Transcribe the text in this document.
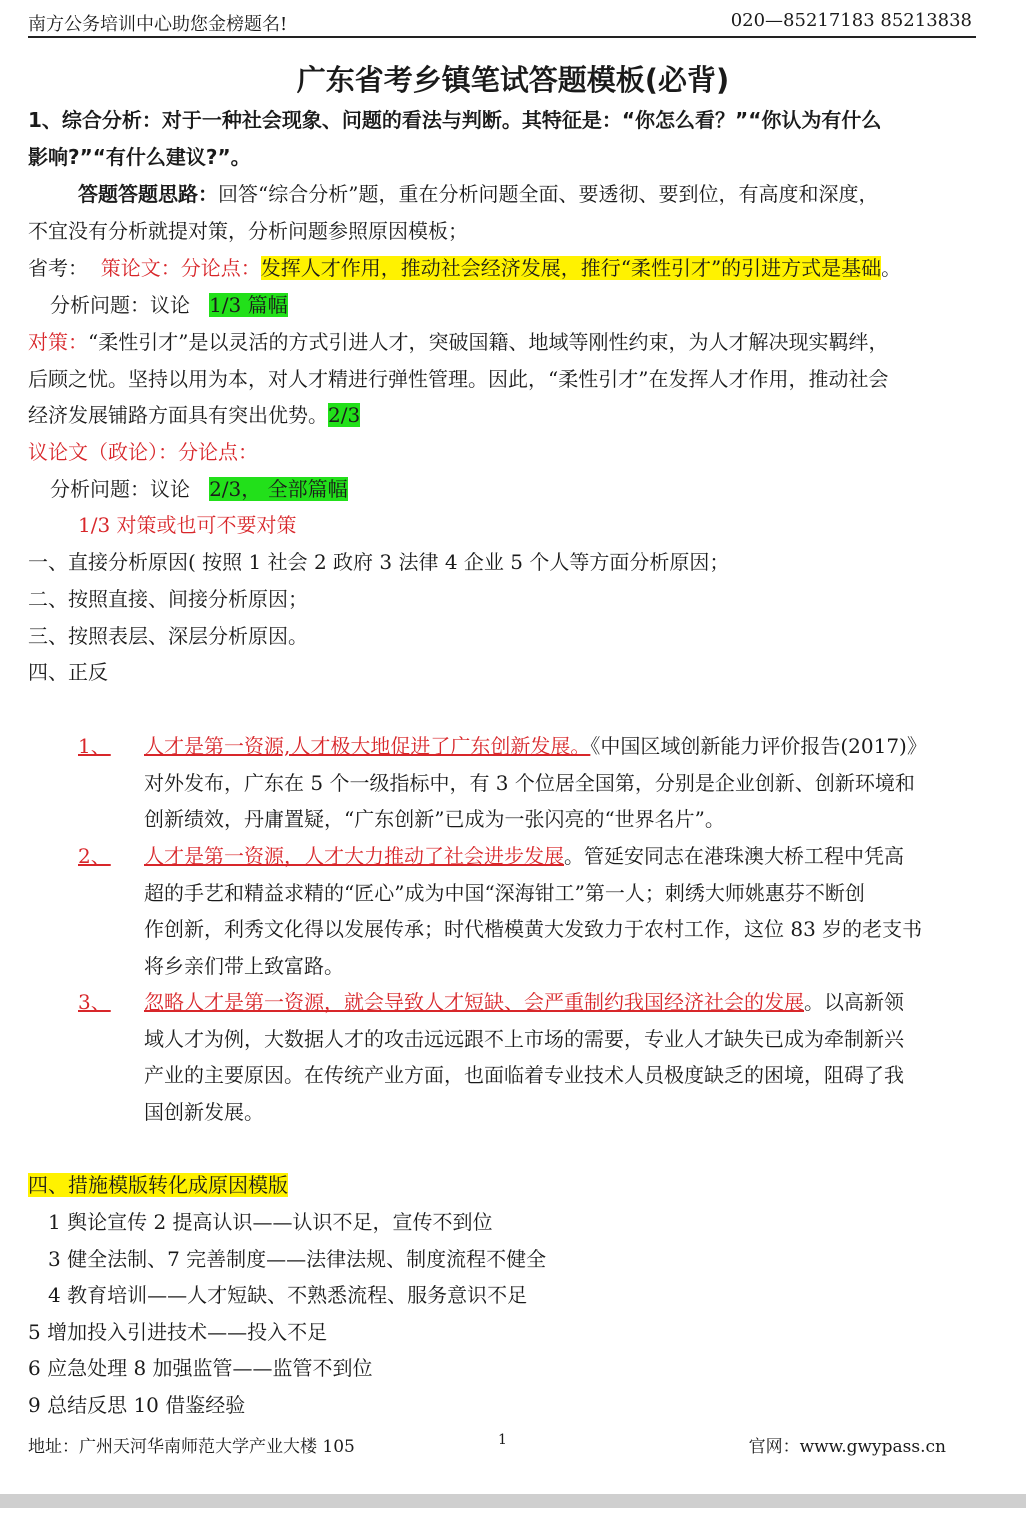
南方公务培训中心助您金榜题名!	020—85217183 85213838
广东省考乡镇笔试答题模板(必背)
1、综合分析：对于一种社会现象、问题的看法与判断。其特征是：“你怎么看？”“你认为有什么
影响?”“有什么建议?”。
答题答题思路：回答“综合分析”题，重在分析问题全面、要透彻、要到位，有高度和深度，
不宜没有分析就提对策，分析问题参照原因模板；
省考： 策论文：分论点：发挥人才作用，推动社会经济发展，推行“柔性引才”的引进方式是基础。
分析问题：议论 1/3 篇幅
对策：“柔性引才”是以灵活的方式引进人才，突破国籍、地域等刚性约束，为人才解决现实羁绊，
后顾之忧。坚持以用为本，对人才精进行弹性管理。因此，“柔性引才”在发挥人才作用，推动社会
经济发展铺路方面具有突出优势。2/3
议论文（政论）：分论点：
分析问题：议论 2/3， 全部篇幅
1/3 对策或也可不要对策
一、直接分析原因( 按照 1 社会 2 政府 3 法律 4 企业 5 个人等方面分析原因；
二、按照直接、间接分析原因；
三、按照表层、深层分析原因。
四、正反
1、 人才是第一资源,人才极大地促进了广东创新发展。《中国区域创新能力评价报告(2017)》
对外发布，广东在 5 个一级指标中，有 3 个位居全国第，分别是企业创新、创新环境和
创新绩效，丹庸置疑，“广东创新”已成为一张闪亮的“世界名片”。
2、 人才是第一资源，人才大力推动了社会进步发展。管延安同志在港珠澳大桥工程中凭高
超的手艺和精益求精的“匠心”成为中国“深海钳工”第一人；刺绣大师姚惠芬不断创
作创新，利秀文化得以发展传承；时代楷模黄大发致力于农村工作，这位 83 岁的老支书
将乡亲们带上致富路。
3、 忽略人才是第一资源，就会导致人才短缺、会严重制约我国经济社会的发展。以高新领
域人才为例，大数据人才的攻击远远跟不上市场的需要，专业人才缺失已成为牵制新兴
产业的主要原因。在传统产业方面，也面临着专业技术人员极度缺乏的困境，阻碍了我
国创新发展。
四、措施模版转化成原因模版
1 舆论宣传 2 提高认识——认识不足，宣传不到位
3 健全法制、7 完善制度——法律法规、制度流程不健全
4 教育培训——人才短缺、不熟悉流程、服务意识不足
5 增加投入引进技术——投入不足
6 应急处理 8 加强监管——监管不到位
9 总结反思 10 借鉴经验
地址：广州天河华南师范大学产业大楼 105	1	官网：www.gwypass.cn
